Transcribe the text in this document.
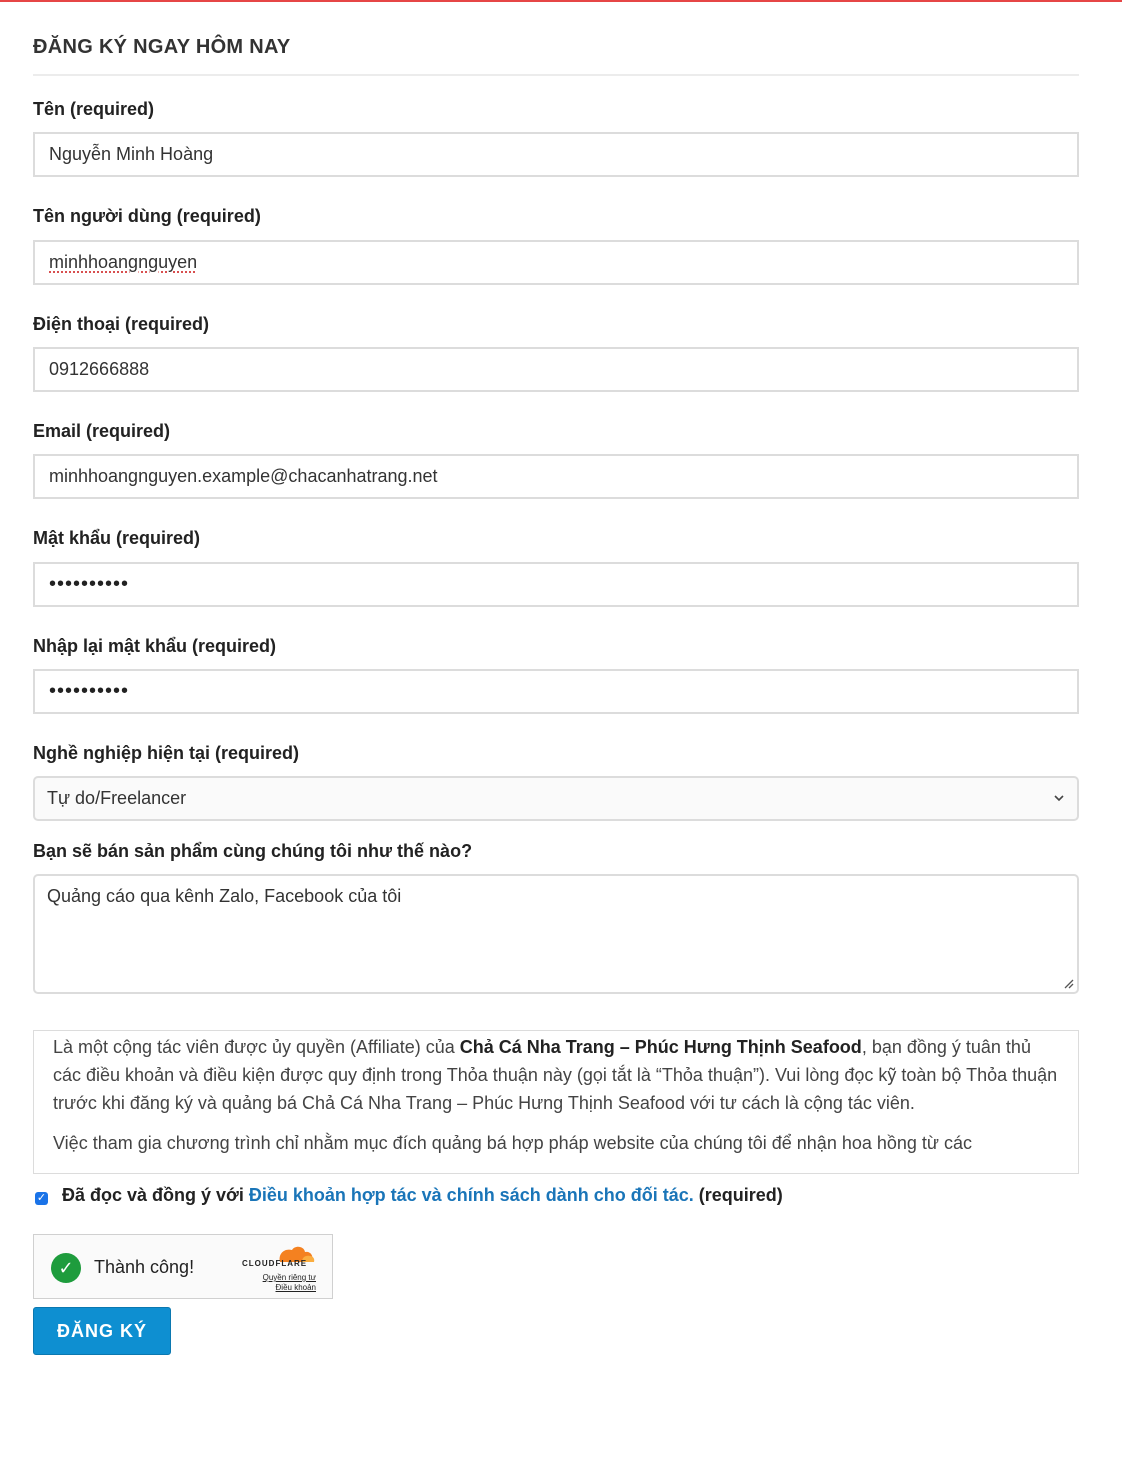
ĐĂNG KÝ NGAY HÔM NAY
Tên (required)
Nguyễn Minh Hoàng
Tên người dùng (required)
minhhoangnguyen
Điện thoại (required)
0912666888
Email (required)
minhhoangnguyen.example@chacanhatrang.net
Mật khẩu (required)
••••••••••
Nhập lại mật khẩu (required)
••••••••••
Nghề nghiệp hiện tại (required)
Tự do/Freelancer
Bạn sẽ bán sản phẩm cùng chúng tôi như thế nào?
Quảng cáo qua kênh Zalo, Facebook của tôi

Là một cộng tác viên được ủy quyền (Affiliate) của Chả Cá Nha Trang – Phúc Hưng Thịnh Seafood, bạn đồng ý tuân thủ các điều khoản và điều kiện được quy định trong Thỏa thuận này (gọi tắt là “Thỏa thuận”). Vui lòng đọc kỹ toàn bộ Thỏa thuận trước khi đăng ký và quảng bá Chả Cá Nha Trang – Phúc Hưng Thịnh Seafood với tư cách là cộng tác viên.

Việc tham gia chương trình chỉ nhằm mục đích quảng bá hợp pháp website của chúng tôi để nhận hoa hồng từ các

✓ Đã đọc và đồng ý với Điều khoản hợp tác và chính sách dành cho đối tác. (required)
✓	Thành công!	CLOUDFLARE
Quyền riêng tư
Điều khoản
ĐĂNG KÝ
